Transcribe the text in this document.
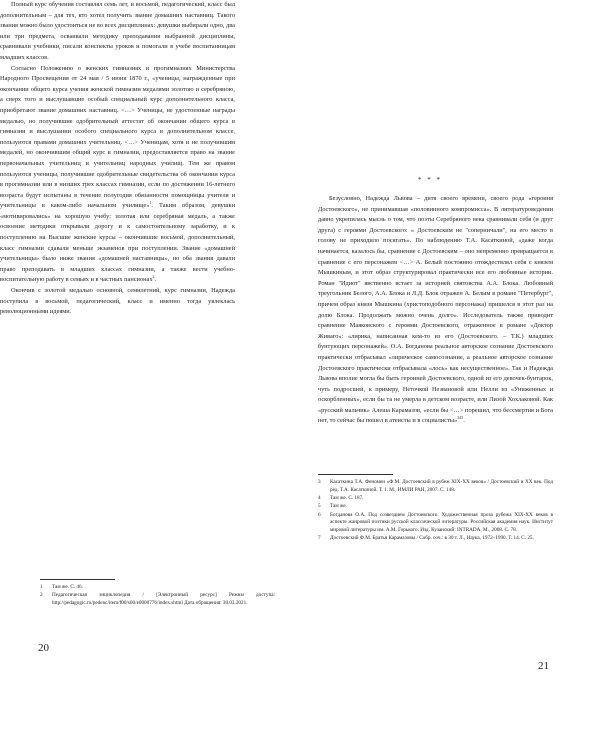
Полный курс обучения составлял семь лет, и восьмой, педагогический, класс был дополнительным – для тех, кто хотел получить звание домашних наставниц. Такого звания можно было удостоиться не во всех дисциплинах: девушки выбирали одно, два или три предмета, осваивали методику преподавания выбранной дисциплины, сравнивали учебники, писали конспекты уроков и помогали в учебе воспитанницам младших классов.

Согласно Положению о женских гимназиях и прогимназиях Министерства Народного Просвещения от 24 мая / 5 июня 1870 г., «ученицы, награжденные при окончании общего курса учения женской гимназии медалями золотою и серебряною, а сверх того и выслушавшие особый специальный курс дополнительного класса, приобретают звание домашних наставниц. <…> Ученицы, не удостоенные награды медалью, но получившие одобрительный аттестат об окончании общего курса в гимназии и выслушании особого специального курса в дополнительном классе, пользуются правами домашних учительниц. <…> Ученицам, хотя и не получившим медалей, но окончившим общий курс в гимназии, предоставляется право на звание первоначальных учительниц и учительниц народных училищ. Тем же правом пользуются ученицы, получившие одобрительные свидетельства об окончании курса в прогимназии или в низших трех классах гимназии, если по достижении 16-летнего возраста будут испытаны в течение полугодия обязанности помощницы учителя и учительницы в каком-либо начальном училище»$^1$. Таким образом, девушки «мотивировались» на хорошую учебу: золотая или серебряная медаль, а также освоение методики открывали дорогу и к самостоятельному заработку, и к поступлению на Высшие женские курсы – окончившие восьмой, дополнительный, класс гимназии сдавали меньше экзаменов при поступлении. Звание «домашней учительницы» было ниже звания «домашней наставницы», но оба звания давали право преподавать в младших классах гимназии, а также вести учебно-воспитательную работу в семьях и в частных пансионах$^2$.

Окончив с золотой медалью основной, семилетний, курс гимназии, Надежда поступила в восьмой, педагогический, класс и именно тогда увлеклась революционными идеями.

1	Там же. С. 46.
2	Педагогическая энциклопедия / [Электронный ресурс] Режим доступа: http://pedagogic.ru/pedenc/item/f00/s00/e0000776/index.shtml Дата обращения: 30.03.2021.
20
* * *

Безусловно, Надежда Львова – дитя своего времени, своего рода «героиня Достоевского», не принимавшая «половинного компромисса». В литературоведении давно укрепилась мысль о том, что поэты Серебряного века сравнивали себя (и друг друга) с героями Достоевского: « Достоевским не "соперничали", на его место в голову не приходило посягать». По наблюдению Т.А. Касаткиной, «даже когда начинается, казалось бы, сравнение с Достоевским – оно непременно превращается в сравнение с его персонажем <…> А. Белый постоянно отождествлял себя с князем Мышкиным, и этот образ структурировал практически все его любовные истории. Роман "Идиот" явственно встает за историей святовства А.А. Блока. Любовный треугольник Белого, А.А. Блока и Л.Д. Блок отражен А. Белым в романе "Петербург", причем образ князя Мышкина (христоподобного персонажа) пришелся в этот раз на долю Блока. Продолжать можно очень долго». Исследователь также приводит сравнение Маяковского с героями Достоевского, отраженное в романе «Доктор Живаго»: «лирика, написанная кем-то из его (Достоевского. – Т.К.) младших бунтующих персонажей». О.А. Богданова реальное авторское сознание Достоевского практически отбрасывал «лирическое самосознание, а реальное авторское сознание Достоевского практически отбрасывала «лось» как несущественное». Так и Надежда Львова вполне могла бы быть героиней Достоевского, одной из его девочек-бунтарок, чуть подросшей, к примеру, Неточкой Незвановой или Нелли из «Униженных и оскорбленных», если бы та не умерла в детском возрасте, или Лизой Хохлаковой. Как «русский мальчик» Алеша Карамазов, «если бы <…> порешил, что бессмертия и Бога нет, то сейчас бы пошел в атеисты и в социалисты»$^{345}$.

3	Касаткина Т.А. Феномен «Ф.М. Достоевский в рубеж XIX-XX веков» / Достоевский и XX век. Под ред. Т.А. Касаткиной. Т. 1. М., ИМЛИ РАН, 2007. С. 148.
4	Там же. С. 187.
5	Там же.
6	Богданова О.А. Под созвездием Достоевского. Художественная проза рубежа XIX-XX веков в аспекте жанровой поэтики русской классической литературы. Российская академия наук. Институт мировой литературы им. А.М. Горького. Изд. Кузанский: INTRADA, М., 2008. С. 78.
7	Достоевский Ф.М. Братья Карамазовы / Собр. соч.: в 30 т. Л., Наука, 1972–1990. Т. 14. С. 25.
21
